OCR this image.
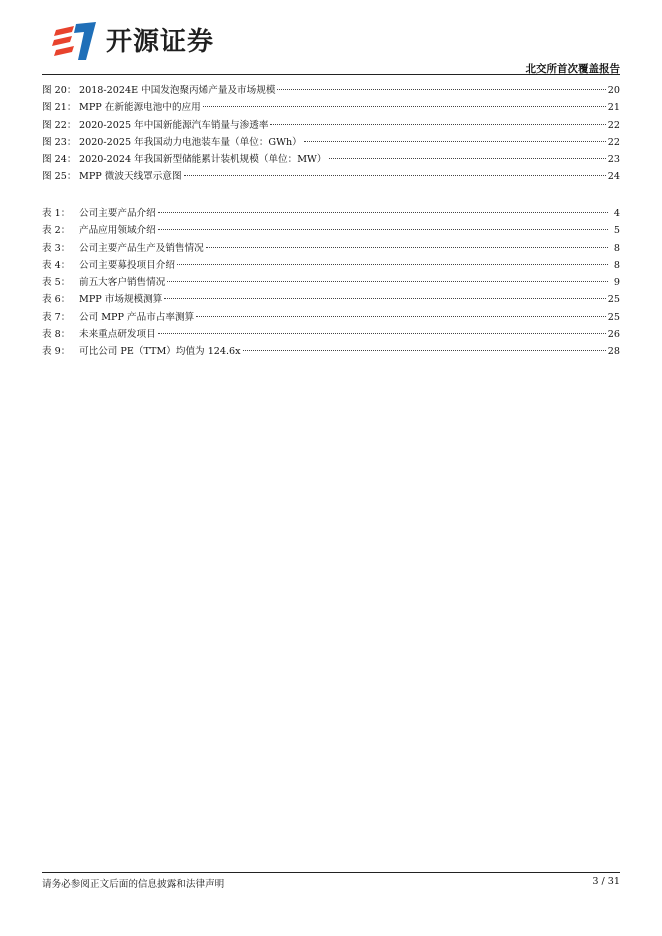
开源证券
北交所首次覆盖报告
图 20： 2018-2024E 中国发泡聚丙烯产量及市场规模	20
图 21： MPP 在新能源电池中的应用	21
图 22： 2020-2025 年中国新能源汽车销量与渗透率	22
图 23： 2020-2025 年我国动力电池装车量（单位：GWh）	22
图 24： 2020-2024 年我国新型储能累计装机规模（单位：MW）	23
图 25： MPP 微波天线罩示意图	24
表 1： 公司主要产品介绍	4
表 2： 产品应用领域介绍	5
表 3： 公司主要产品生产及销售情况	8
表 4： 公司主要募投项目介绍	8
表 5： 前五大客户销售情况	9
表 6： MPP 市场规模测算	25
表 7： 公司 MPP 产品市占率测算	25
表 8： 未来重点研发项目	26
表 9： 可比公司 PE（TTM）均值为 124.6x	28
请务必参阅正文后面的信息披露和法律声明	3 / 31
